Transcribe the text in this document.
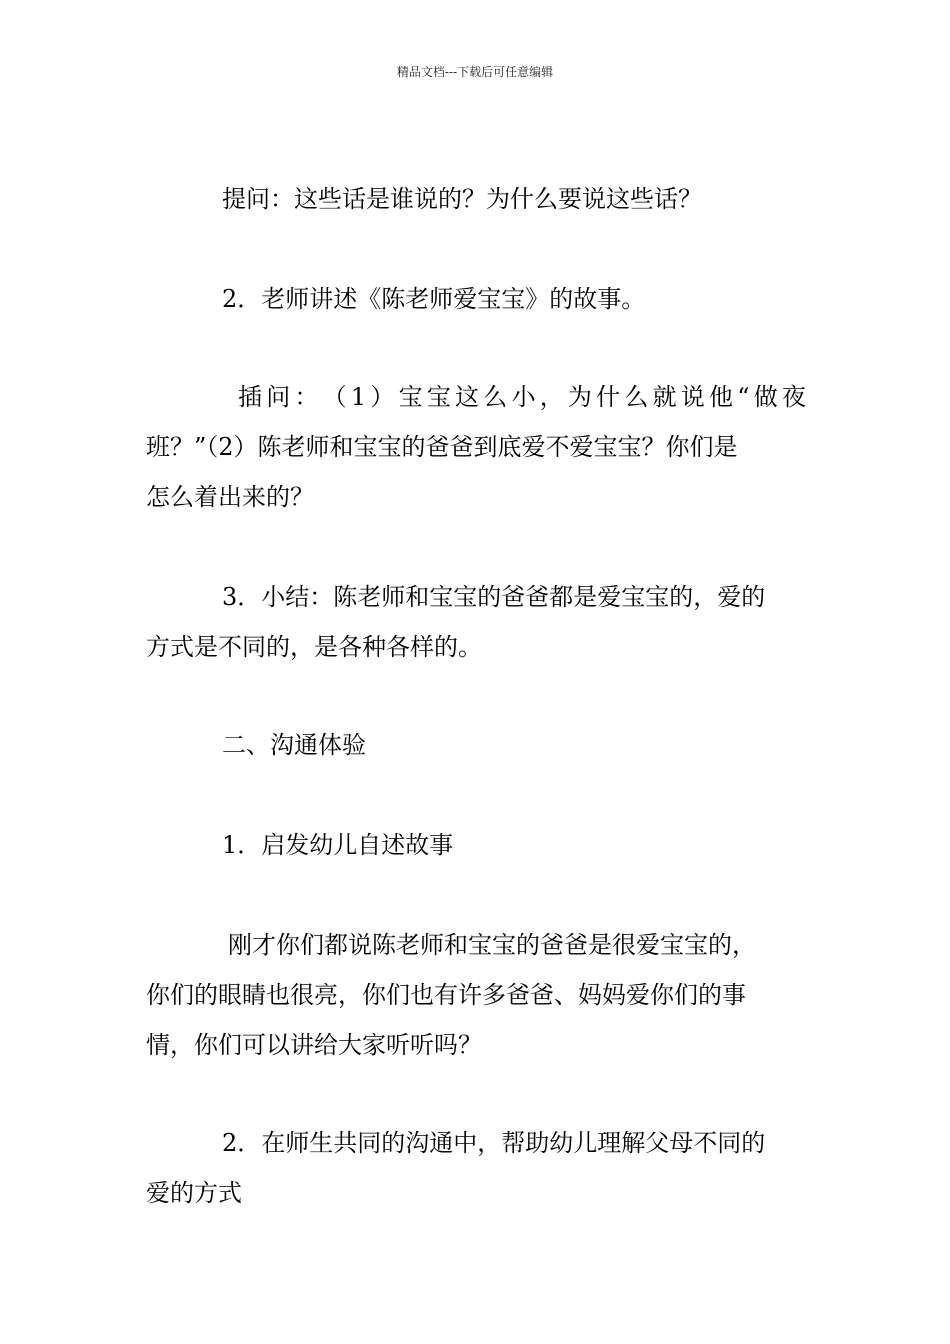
精品文档---下载后可任意编辑
提问：这些话是谁说的？为什么要说这些话？
2．老师讲述《陈老师爱宝宝》的故事。
插 问 ： （ 1 ） 宝 宝 这 么 小 ， 为 什 么 就 说 他 “ 做 夜
班？”（2）陈老师和宝宝的爸爸到底爱不爱宝宝？你们是
怎么着出来的？
3．小结：陈老师和宝宝的爸爸都是爱宝宝的，爱的
方式是不同的，是各种各样的。
二、沟通体验
1．启发幼儿自述故事
刚才你们都说陈老师和宝宝的爸爸是很爱宝宝的，
你们的眼睛也很亮，你们也有许多爸爸、妈妈爱你们的事
情，你们可以讲给大家听听吗？
2．在师生共同的沟通中，帮助幼儿理解父母不同的
爱的方式
